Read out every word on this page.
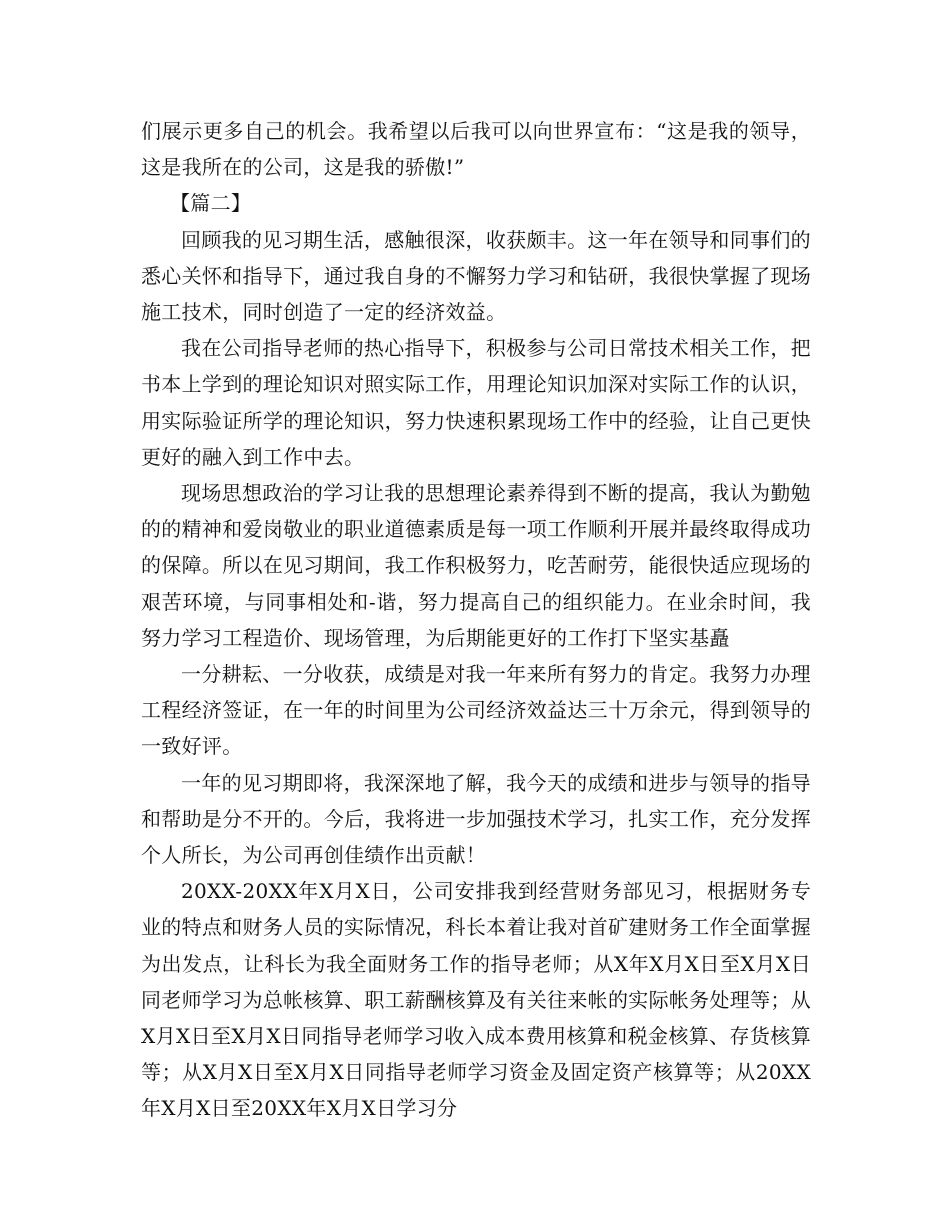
们展示更多自己的机会。我希望以后我可以向世界宣布：“这是我的领导，这是我所在的公司，这是我的骄傲!”

【篇二】

回顾我的见习期生活，感触很深，收获颇丰。这一年在领导和同事们的悉心关怀和指导下，通过我自身的不懈努力学习和钻研，我很快掌握了现场施工技术，同时创造了一定的经济效益。

我在公司指导老师的热心指导下，积极参与公司日常技术相关工作，把书本上学到的理论知识对照实际工作，用理论知识加深对实际工作的认识，用实际验证所学的理论知识，努力快速积累现场工作中的经验，让自己更快更好的融入到工作中去。

现场思想政治的学习让我的思想理论素养得到不断的提高，我认为勤勉的的精神和爱岗敬业的职业道德素质是每一项工作顺利开展并最终取得成功的保障。所以在见习期间，我工作积极努力，吃苦耐劳，能很快适应现场的艰苦环境，与同事相处和-谐，努力提高自己的组织能力。在业余时间，我努力学习工程造价、现场管理，为后期能更好的工作打下坚实基矗

一分耕耘、一分收获，成绩是对我一年来所有努力的肯定。我努力办理工程经济签证，在一年的时间里为公司经济效益达三十万余元，得到领导的一致好评。

一年的见习期即将，我深深地了解，我今天的成绩和进步与领导的指导和帮助是分不开的。今后，我将进一步加强技术学习，扎实工作，充分发挥个人所长，为公司再创佳绩作出贡献！

20XX-20XX年X月X日，公司安排我到经营财务部见习，根据财务专业的特点和财务人员的实际情况，科长本着让我对首矿建财务工作全面掌握为出发点，让科长为我全面财务工作的指导老师；从X年X月X日至X月X日同老师学习为总帐核算、职工薪酬核算及有关往来帐的实际帐务处理等；从X月X日至X月X日同指导老师学习收入成本费用核算和税金核算、存货核算等；从X月X日至X月X日同指导老师学习资金及固定资产核算等；从20XX年X月X日至20XX年X月X日学习分
